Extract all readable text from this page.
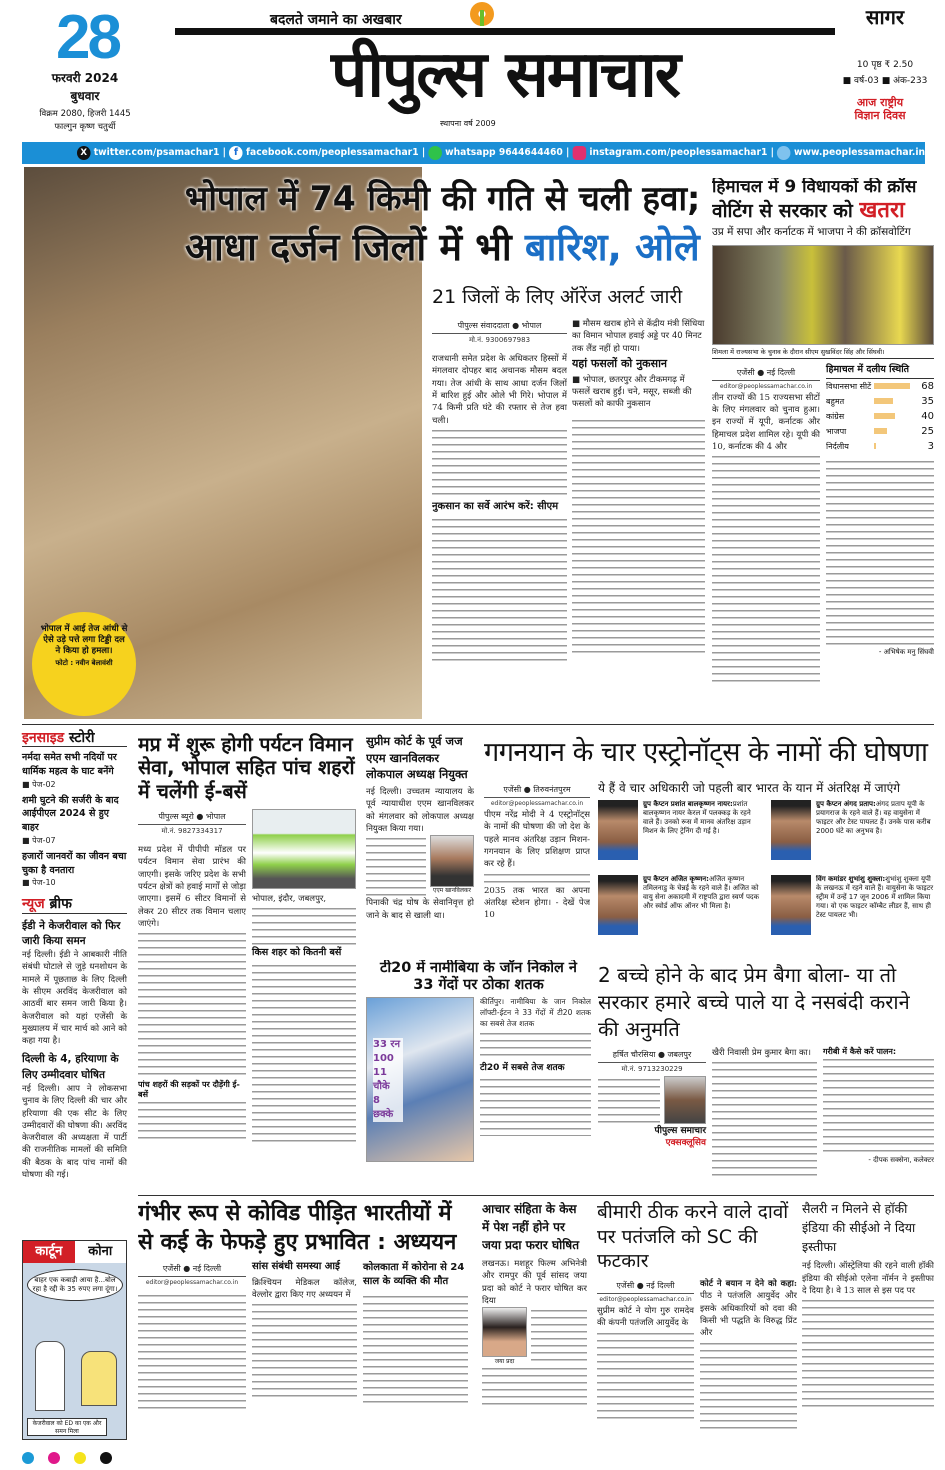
28
फरवरी 2024
बुधवार
विक्रम 2080, हिजरी 1445
फाल्गुन कृष्ण चतुर्थी
बदलते जमाने का अखबार
पीपुल्स समाचार
स्थापना वर्ष 2009
सागर
10 पृष्ठ ₹ 2.50
■ वर्ष-03 ■ अंक-233
आज राष्ट्रीय विज्ञान दिवस
X twitter.com/psamachar1 | f facebook.com/peoplessamachar1 |  whatsapp 9644644460 |  instagram.com/peoplessamachar1 |  www.peoplessamachar.in
भोपाल में 74 किमी की गति से चली हवा;
आधा दर्जन जिलों में भी बारिश, ओले
21 जिलों के लिए ऑरेंज अलर्ट जारी
भोपाल में आई तेज आंधी से ऐसे उड़े पत्ते लगा टिड्डी दल ने किया हो हमला।
फोटो : नवीन बेलावंशी
पीपुल्स संवाददाता ● भोपाल
मो.नं. 9300697983

राजधानी समेत प्रदेश के अधिकतर हिस्सों में मंगलवार दोपहर बाद अचानक मौसम बदल गया। तेज आंधी के साथ आधा दर्जन जिलों में बारिश हुई और ओले भी गिरे। भोपाल में 74 किमी प्रति घंटे की रफ्तार से तेज हवा चली।

नुकसान का सर्वे आरंभ करें: सीएम
■ मौसम खराब होने से केंद्रीय मंत्री सिंधिया का विमान भोपाल हवाई अड्डे पर 40 मिनट तक लैंड नहीं हो पाया।
यहां फसलों को नुकसान
■ भोपाल, छतरपुर और टीकमगढ़ में फसलें खराब हुईं। चने, मसूर, सब्जी की फसलों को काफी नुकसान
हिमाचल में 9 विधायकों की क्रॉस
वोटिंग से सरकार को खतरा
उप्र में सपा और कर्नाटक में भाजपा ने की क्रॉसवोटिंग
शिमला में राज्यसभा के चुनाव के दौरान सीएम सुखविंदर सिंह और सिंघवी।
एजेंसी ● नई दिल्ली
editor@peoplessamachar.co.in

तीन राज्यों की 15 राज्यसभा सीटों के लिए मंगलवार को चुनाव हुआ। इन राज्यों में यूपी, कर्नाटक और हिमाचल प्रदेश शामिल रहे। यूपी की 10, कर्नाटक की 4 और

हिमाचल में दलीय स्थिति
विधानसभा सीटें	68
बहुमत	35
कांग्रेस	40
भाजपा	25
निर्दलीय	3
- अभिषेक मनु सिंघवी
इनसाइड स्टोरी
नर्मदा समेत सभी नदियों पर धार्मिक महत्व के घाट बनेंगे
■ पेज-02
शमी घुटने की सर्जरी के बाद आईपीएल 2024 से हुए बाहर
■ पेज-07
हजारों जानवरों का जीवन बचा चुका है वनतारा
■ पेज-10
न्यूज ब्रीफ
ईडी ने केजरीवाल को फिर जारी किया समन

नई दिल्ली। ईडी ने आबकारी नीति संबंधी घोटाले से जुड़े धनशोधन के मामले में पूछताछ के लिए दिल्ली के सीएम अरविंद केजरीवाल को आठवीं बार समन जारी किया है। केजरीवाल को यहां एजेंसी के मुख्यालय में चार मार्च को आने को कहा गया है।

दिल्ली के 4, हरियाणा के लिए उम्मीदवार घोषित

नई दिल्ली। आप ने लोकसभा चुनाव के लिए दिल्ली की चार और हरियाणा की एक सीट के लिए उम्मीदवारों की घोषणा की। अरविंद केजरीवाल की अध्यक्षता में पार्टी की राजनीतिक मामलों की समिति की बैठक के बाद पांच नामों की घोषणा की गई।

मप्र में शुरू होगी पर्यटन विमान सेवा, भोपाल सहित पांच शहरों में चलेंगी ई-बसें
पीपुल्स ब्यूरो ● भोपाल
मो.नं. 9827334317

मध्य प्रदेश में पीपीपी मॉडल पर पर्यटन विमान सेवा प्रारंभ की जाएगी। इसके जरिए प्रदेश के सभी पर्यटन क्षेत्रों को हवाई मार्गों से जोड़ा जाएगा। इसमें 6 सीटर विमानों से लेकर 20 सीटर तक विमान चलाए जाएंगे।

पांच शहरों की सड़कों पर दौड़ेंगी ई-बसें
भोपाल, इंदौर, जबलपुर,
किस शहर को कितनी बसें
सुप्रीम कोर्ट के पूर्व जज एएम खानविलकर लोकपाल अध्यक्ष नियुक्त

नई दिल्ली। उच्चतम न्यायालय के पूर्व न्यायाधीश एएम खानविलकर को मंगलवार को लोकपाल अध्यक्ष नियुक्त किया गया।

एएम खानविलकर

पिनाकी चंद्र घोष के सेवानिवृत्त हो जाने के बाद से खाली था।

गगनयान के चार एस्ट्रोनॉट्स के नामों की घोषणा
ये हैं वे चार अधिकारी जो पहली बार भारत के यान में अंतरिक्ष में जाएंगे
एजेंसी ● तिरुवनंतपुरम
editor@peoplessamachar.co.in

पीएम नरेंद्र मोदी ने 4 एस्ट्रोनॉट्स के नामों की घोषणा की जो देश के पहले मानव अंतरिक्ष उड़ान मिशन-गगनयान के लिए प्रशिक्षण प्राप्त कर रहे हैं।

2035 तक भारत का अपना अंतरिक्ष स्टेशन होगा। - देखें पेज 10

ग्रुप कैप्टन प्रशांत बालकृष्णन नायर:प्रशांत बालकृष्णन नायर केरल में पलक्कड़ के रहने वाले हैं। उनको रूस में मानव अंतरिक्ष उड़ान मिशन के लिए ट्रेनिंग दी गई है।
ग्रुप कैप्टन अंगद प्रताप:अंगद प्रताप यूपी के प्रयागराज के रहने वाले हैं। वह वायुसेना में फाइटर और टेस्ट पायलट हैं। उनके पास करीब 2000 घंटे का अनुभव है।
ग्रुप कैप्टन अजित कृष्णन:अजित कृष्णन तमिलनाडु के चेन्नई के रहने वाले हैं। अजित को वायु सेना अकादमी में राष्ट्रपति द्वारा स्वर्ण पदक और स्वोर्ड ऑफ ऑनर भी मिला है।
विंग कमांडर शुभांशु शुक्ला:शुभांशु शुक्ला यूपी के लखनऊ में रहने वाले हैं। वायुसेना के फाइटर स्ट्रीम में उन्हें 17 जून 2006 में शामिल किया गया। वो एक फाइटर कॉम्बैट लीडर हैं, साथ ही टेस्ट पायलट भी।
टी20 में नामीबिया के जॉन निकोल ने 33 गेंदों पर ठोका शतक
33 रन
100
11 चौके
8 छक्के

कीर्तिपुर। नामीबिया के जान निकोल लॉफ्टी-ईटन ने 33 गेंदों में टी20 शतक का सबसे तेज शतक

टी20 में सबसे तेज शतक
2 बच्चे होने के बाद प्रेम बैगा बोला- या तो सरकार हमारे बच्चे पाले या दे नसबंदी कराने की अनुमति
हर्षित चौरसिया ● जबलपुर
मो.नं. 9713230229
पीपुल्स समाचार
एक्सक्लूसिव

खैरी निवासी प्रेम कुमार बैगा का।	गरीबी में कैसे करें पालन:
- दीपक सक्सेना, कलेक्टर
कार्टून	कोना
बाहर एक कबाड़ी आया है...बोल रहा है रद्दी के 35 रुपए लगा दूंगा।
केजरीवाल को ED का एक और समन मिला
गंभीर रूप से कोविड पीड़ित भारतीयों में से कई के फेफड़े हुए प्रभावित : अध्ययन
एजेंसी ● नई दिल्ली
editor@peoplessamachar.co.in
सांस संबंधी समस्या आई

क्रिश्चियन मेडिकल कॉलेज, वेल्लोर द्वारा किए गए अध्ययन में

कोलकाता में कोरोना से 24 साल के व्यक्ति की मौत
आचार संहिता के केस में पेश नहीं होने पर जया प्रदा फरार घोषित

लखनऊ। मशहूर फिल्म अभिनेत्री और रामपुर की पूर्व सांसद जया प्रदा को कोर्ट ने फरार घोषित कर दिया

जया प्रदा
बीमारी ठीक करने वाले दावों पर पतंजलि को SC की फटकार
एजेंसी ● नई दिल्ली
editor@peoplessamachar.co.in

सुप्रीम कोर्ट ने योग गुरु रामदेव की कंपनी पतंजलि आयुर्वेद के

कोर्ट ने बयान न देने को कहा: पीठ ने पतंजलि आयुर्वेद और इसके अधिकारियों को दवा की किसी भी पद्धति के विरुद्ध प्रिंट और

सैलरी न मिलने से हॉकी इंडिया की सीईओ ने दिया इस्तीफा

नई दिल्ली। ऑस्ट्रेलिया की रहने वाली हॉकी इंडिया की सीईओ एलेना नॉर्मन ने इस्तीफा दे दिया है। वे 13 साल से इस पद पर
